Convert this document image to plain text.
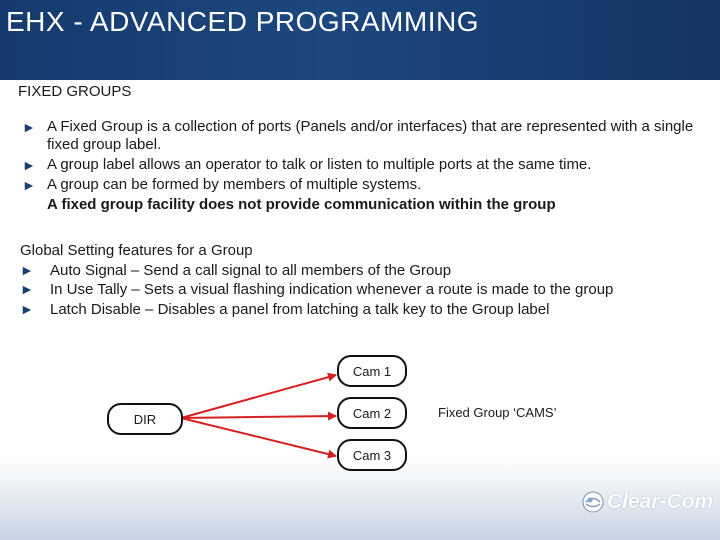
EHX - ADVANCED PROGRAMMING
FIXED GROUPS
► A Fixed Group is a collection of ports (Panels and/or interfaces) that are represented with a single fixed group label.
► A group label allows an operator to talk or listen to multiple ports at the same time.
► A group can be formed by members of multiple systems.
A fixed group facility does not provide communication within the group
Global Setting features for a Group
►	Auto Signal – Send a call signal to all members of the Group
►	In Use Tally – Sets a visual flashing indication whenever a route is made to the group
►	Latch Disable – Disables a panel from latching a talk key to the Group label
DIR
Cam 1
Cam 2
Cam 3
Fixed Group ‘CAMS’
Clear-Com
